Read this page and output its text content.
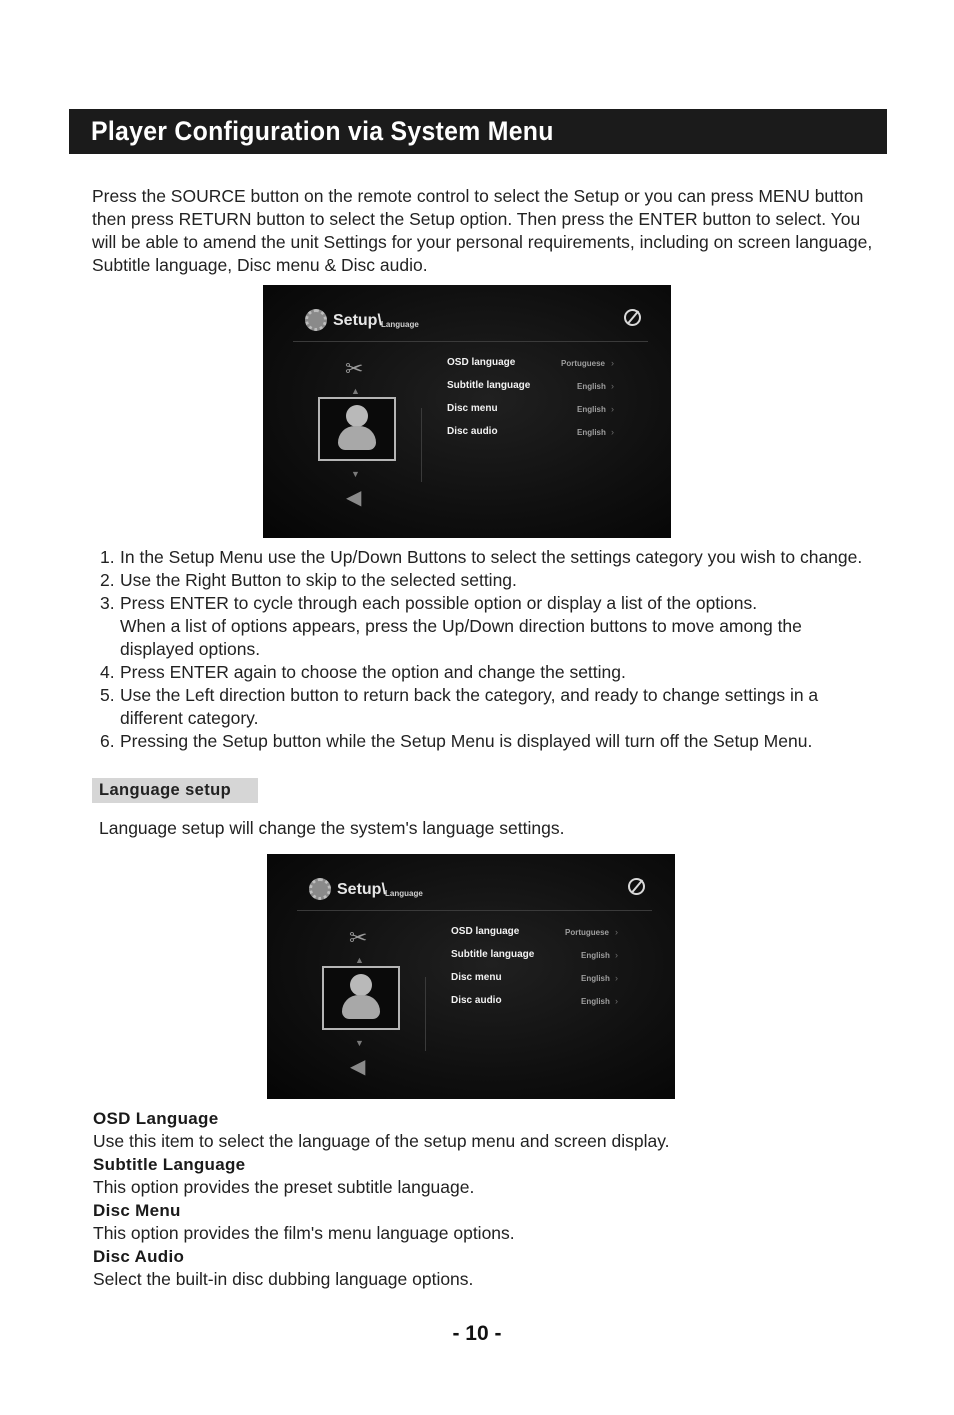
Player Configuration via System Menu
Press the SOURCE button on the remote control to select the Setup or you can press MENU button
then press RETURN button to select the Setup option. Then press the ENTER button to select. You
will be able to amend the unit Settings for your personal requirements, including on screen language,
Subtitle language, Disc menu & Disc audio.
Setup\ Language
✂
▲
▼
◀
OSD language	Portuguese ›
Subtitle language	English ›
Disc menu	English ›
Disc audio	English ›
1. In the Setup Menu use the Up/Down Buttons to select the settings category you wish to change.
2. Use the Right Button to skip to the selected setting.
3. Press ENTER to cycle through each possible option or display a list of the options.
When a list of options appears, press the Up/Down direction buttons to move among the
displayed options.
4. Press ENTER again to choose the option and change the setting.
5. Use the Left direction button to return back the category, and ready to change settings in a
different category.
6. Pressing the Setup button while the Setup Menu is displayed will turn off the Setup Menu.
Language setup
Language setup will change the system's language settings.
Setup\ Language
✂
▲
▼
◀
OSD language	Portuguese ›
Subtitle language	English ›
Disc menu	English ›
Disc audio	English ›
OSD Language
Use this item to select the language of the setup menu and screen display.
Subtitle Language
This option provides the preset subtitle language.
Disc Menu
This option provides the film's menu language options.
Disc Audio
Select the built-in disc dubbing language options.
- 10 -
